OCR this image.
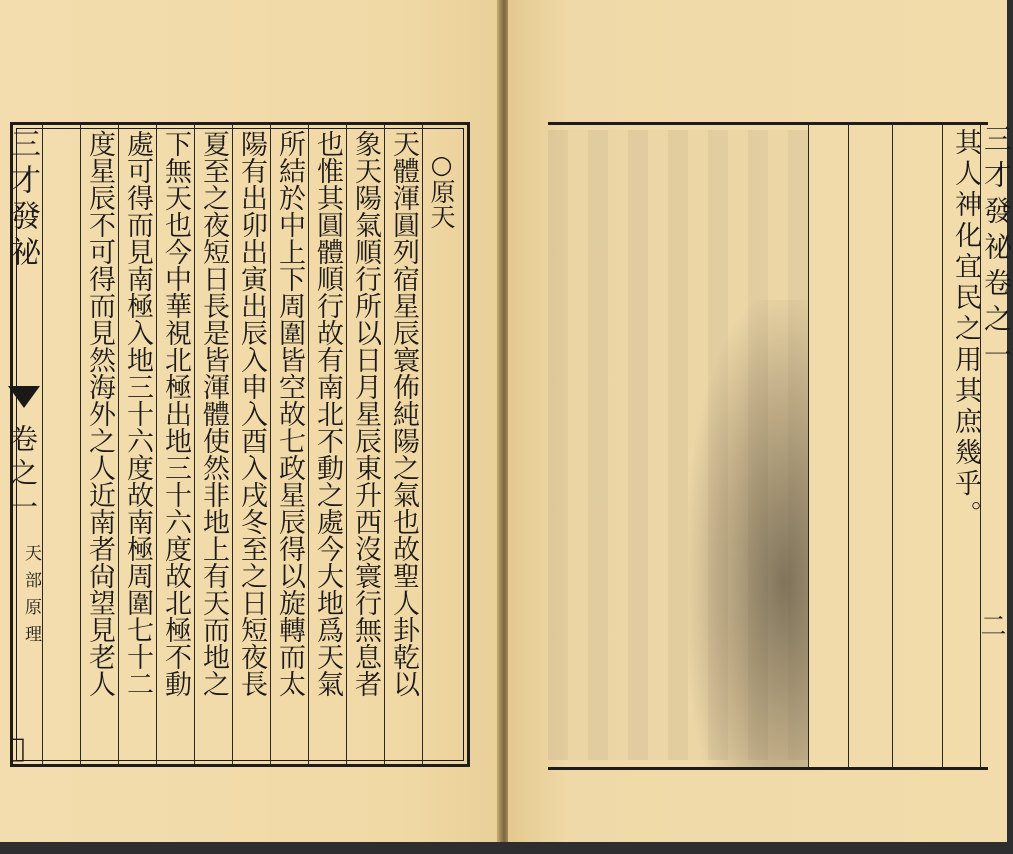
三才發祕
卷之一
天部原理
𢀳
○原天
天體渾圓列宿星辰寰佈純陽之氣也故聖人卦乾以
象天陽氣順行所以日月星辰東升西沒寰行無息者
也惟其圓體順行故有南北不動之處今大地爲天氣
所結於中上下周圍皆空故七政星辰得以旋轉而太
陽有出卯出寅出辰入申入酉入戌冬至之日短夜長
夏至之夜短日長是皆渾體使然非地上有天而地之
下無天也今中華視北極出地三十六度故北極不動
處可得而見南極入地三十六度故南極周圍七十二
度星辰不可得而見然海外之人近南者尙望見老人	其人神化宜民之用其庶幾乎。 三才發祕卷之一
二
